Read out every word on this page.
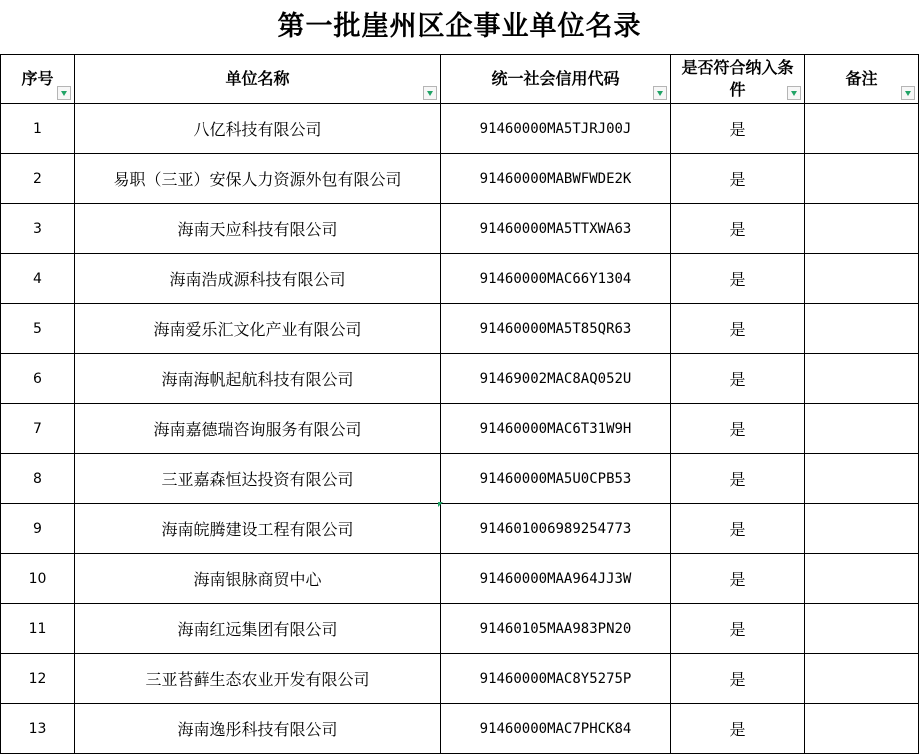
第一批崖州区企事业单位名录
序号	单位名称	统一社会信用代码	是否符合纳入条件	备注

1	八亿科技有限公司	91460000MA5TJRJ00J	是	
2	易职（三亚）安保人力资源外包有限公司	91460000MABWFWDE2K	是	
3	海南天应科技有限公司	91460000MA5TTXWA63	是	
4	海南浩成源科技有限公司	91460000MAC66Y1304	是	
5	海南爱乐汇文化产业有限公司	91460000MA5T85QR63	是	
6	海南海帆起航科技有限公司	91469002MAC8AQ052U	是	
7	海南嘉德瑞咨询服务有限公司	91460000MAC6T31W9H	是	
8	三亚嘉森恒达投资有限公司	91460000MA5U0CPB53	是	
9	海南皖腾建设工程有限公司	914601006989254773	是	
10	海南银脉商贸中心	91460000MAA964JJ3W	是	
11	海南红远集团有限公司	91460105MAA983PN20	是	
12	三亚苔藓生态农业开发有限公司	91460000MAC8Y5275P	是	
13	海南逸彤科技有限公司	91460000MAC7PHCK84	是	
